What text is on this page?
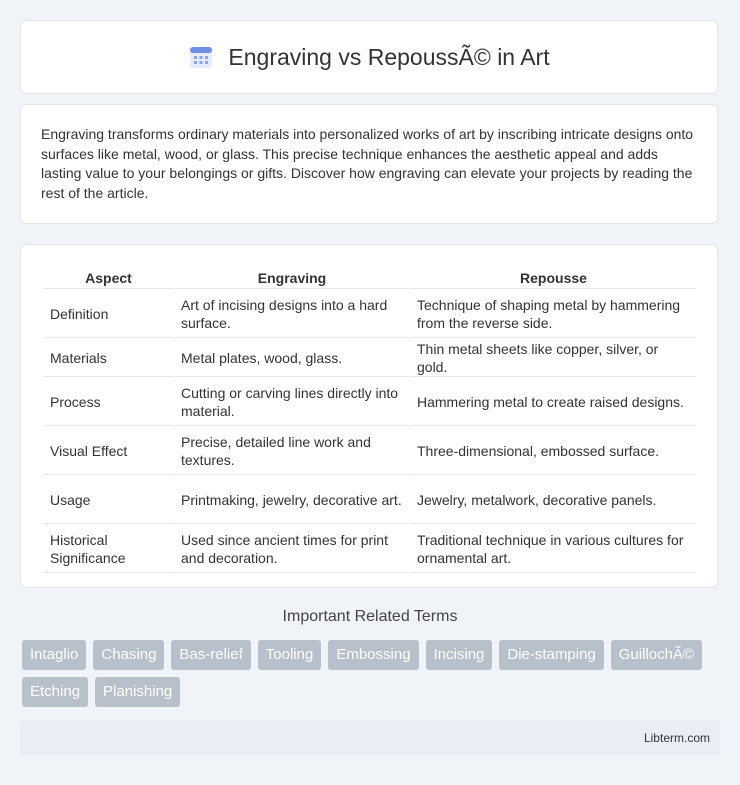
Engraving vs RepoussÃ© in Art

Engraving transforms ordinary materials into personalized works of art by inscribing intricate designs onto surfaces like metal, wood, or glass. This precise technique enhances the aesthetic appeal and adds lasting value to your belongings or gifts. Discover how engraving can elevate your projects by reading the rest of the article.

Aspect	Engraving	Repousse
Definition	Art of incising designs into a hard surface.	Technique of shaping metal by hammering from the reverse side.
Materials	Metal plates, wood, glass.	Thin metal sheets like copper, silver, or gold.
Process	Cutting or carving lines directly into material.	Hammering metal to create raised designs.
Visual Effect	Precise, detailed line work and textures.	Three-dimensional, embossed surface.
Usage	Printmaking, jewelry, decorative art.	Jewelry, metalwork, decorative panels.
Historical Significance	Used since ancient times for print and decoration.	Traditional technique in various cultures for ornamental art.
Important Related Terms
Intaglio	Chasing	Bas-relief	Tooling	Embossing	Incising	Die-stamping	GuillochÃ©
Etching	Planishing
Libterm.com
